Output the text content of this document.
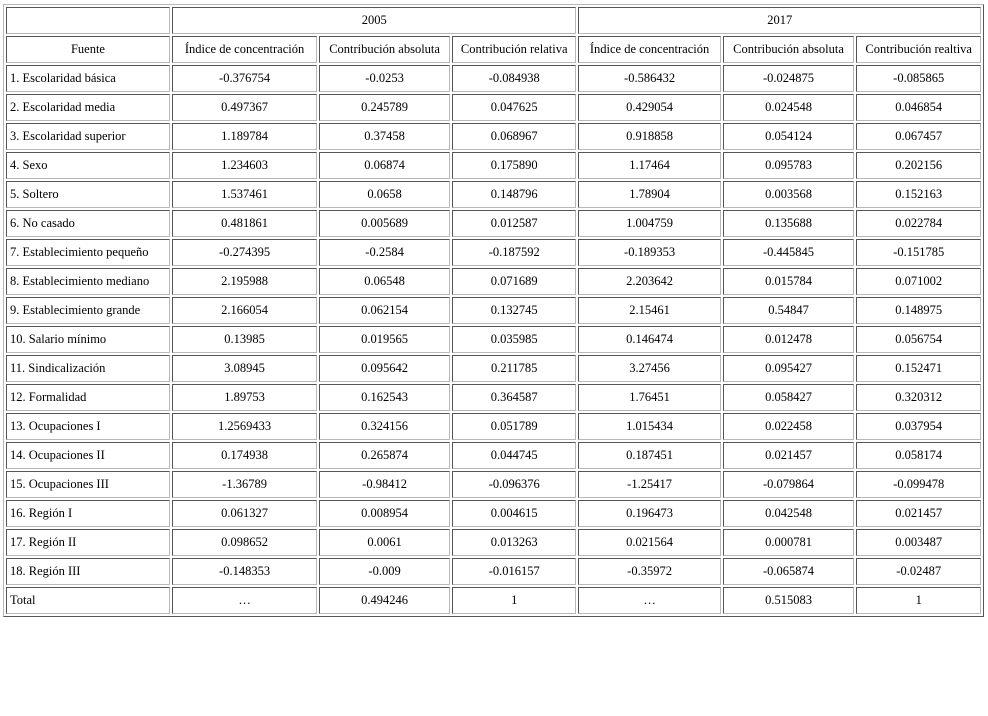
	2005			2017		
Fuente	Índice de concentración	Contribución absoluta	Contribución relativa	Índice de concentración	Contribución absoluta	Contribución realtiva
1. Escolaridad básica	-0.376754	-0.0253	-0.084938	-0.586432	-0.024875	-0.085865
2. Escolaridad media	0.497367	0.245789	0.047625	0.429054	0.024548	0.046854
3. Escolaridad superior	1.189784	0.37458	0.068967	0.918858	0.054124	0.067457
4. Sexo	1.234603	0.06874	0.175890	1.17464	0.095783	0.202156
5. Soltero	1.537461	0.0658	0.148796	1.78904	0.003568	0.152163
6. No casado	0.481861	0.005689	0.012587	1.004759	0.135688	0.022784
7. Establecimiento pequeño	-0.274395	-0.2584	-0.187592	-0.189353	-0.445845	-0.151785
8. Establecimiento mediano	2.195988	0.06548	0.071689	2.203642	0.015784	0.071002
9. Establecimiento grande	2.166054	0.062154	0.132745	2.15461	0.54847	0.148975
10. Salario mínimo	0.13985	0.019565	0.035985	0.146474	0.012478	0.056754
11. Sindicalización	3.08945	0.095642	0.211785	3.27456	0.095427	0.152471
12. Formalidad	1.89753	0.162543	0.364587	1.76451	0.058427	0.320312
13. Ocupaciones I	1.2569433	0.324156	0.051789	1.015434	0.022458	0.037954
14. Ocupaciones II	0.174938	0.265874	0.044745	0.187451	0.021457	0.058174
15. Ocupaciones III	-1.36789	-0.98412	-0.096376	-1.25417	-0.079864	-0.099478
16. Región I	0.061327	0.008954	0.004615	0.196473	0.042548	0.021457
17. Región II	0.098652	0.0061	0.013263	0.021564	0.000781	0.003487
18. Región III	-0.148353	-0.009	-0.016157	-0.35972	-0.065874	-0.02487
Total	…	0.494246	1	…	0.515083	1
